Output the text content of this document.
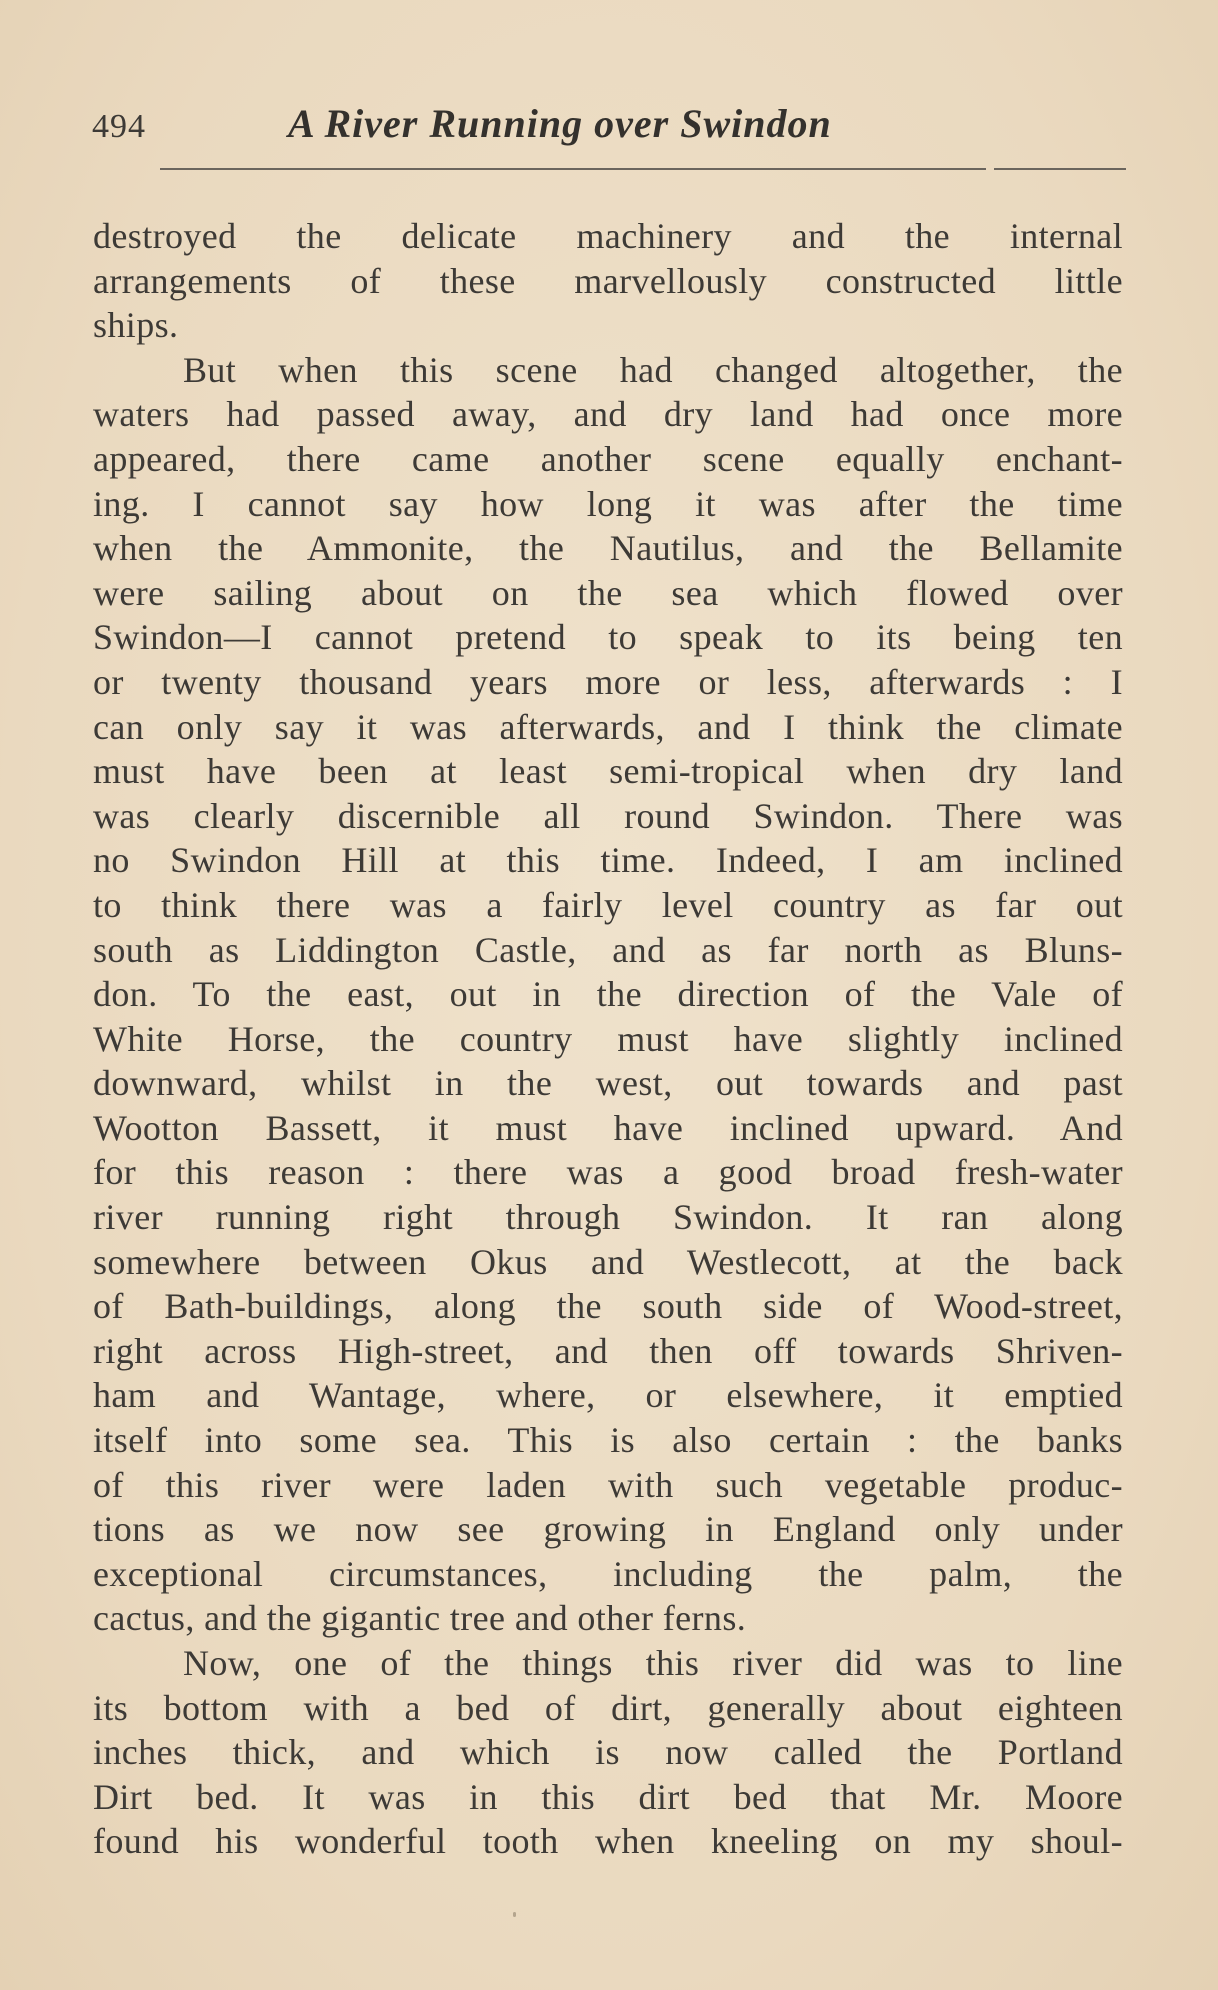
494	A River Running over Swindon
destroyed the delicate machinery and the internal
arrangements of these marvellously constructed little
ships.
But when this scene had changed altogether, the
waters had passed away, and dry land had once more
appeared, there came another scene equally enchant-
ing. I cannot say how long it was after the time
when the Ammonite, the Nautilus, and the Bellamite
were sailing about on the sea which flowed over
Swindon—I cannot pretend to speak to its being ten
or twenty thousand years more or less, afterwards : I
can only say it was afterwards, and I think the climate
must have been at least semi-tropical when dry land
was clearly discernible all round Swindon. There was
no Swindon Hill at this time. Indeed, I am inclined
to think there was a fairly level country as far out
south as Liddington Castle, and as far north as Bluns-
don. To the east, out in the direction of the Vale of
White Horse, the country must have slightly inclined
downward, whilst in the west, out towards and past
Wootton Bassett, it must have inclined upward. And
for this reason : there was a good broad fresh-water
river running right through Swindon. It ran along
somewhere between Okus and Westlecott, at the back
of Bath-buildings, along the south side of Wood-street,
right across High-street, and then off towards Shriven-
ham and Wantage, where, or elsewhere, it emptied
itself into some sea. This is also certain : the banks
of this river were laden with such vegetable produc-
tions as we now see growing in England only under
exceptional circumstances, including the palm, the
cactus, and the gigantic tree and other ferns.
Now, one of the things this river did was to line
its bottom with a bed of dirt, generally about eighteen
inches thick, and which is now called the Portland
Dirt bed. It was in this dirt bed that Mr. Moore
found his wonderful tooth when kneeling on my shoul-
